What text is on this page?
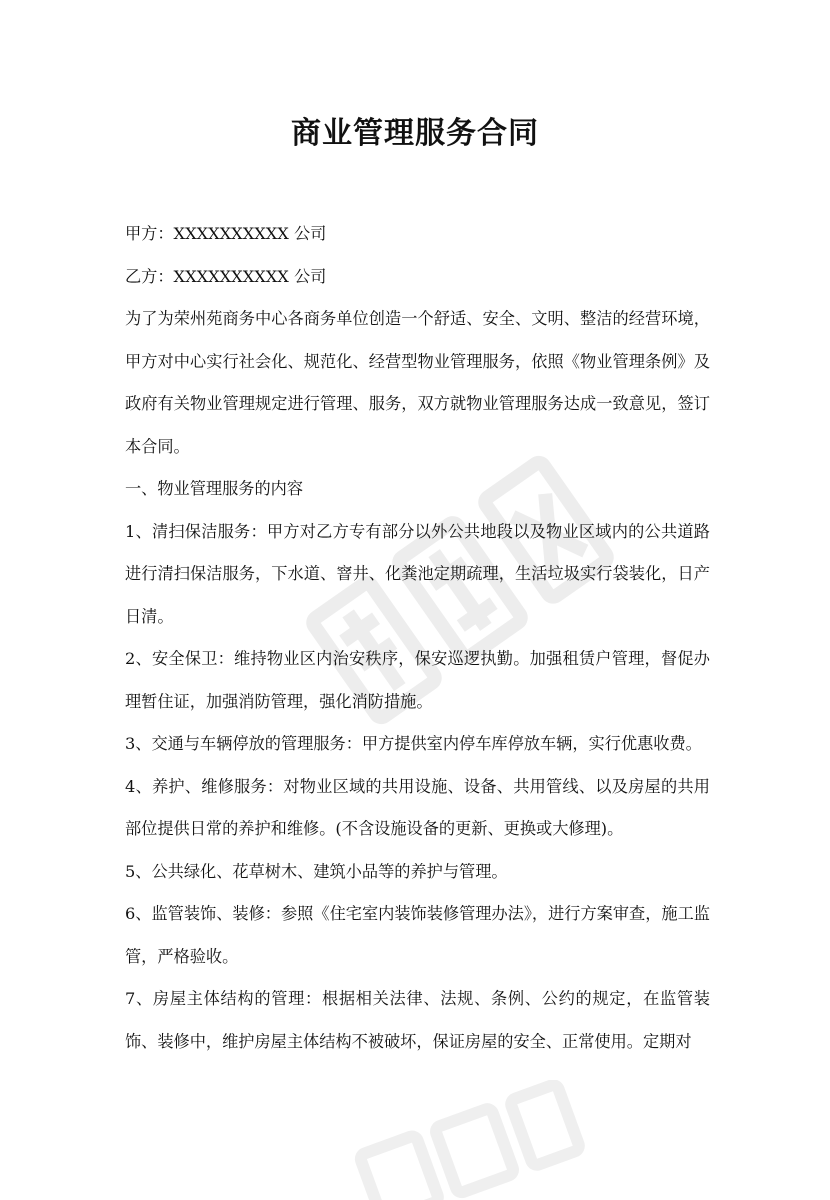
商业管理服务合同

甲方：XXXXXXXXXX 公司

乙方：XXXXXXXXXX 公司

为了为荣州苑商务中心各商务单位创造一个舒适、安全、文明、整洁的经营环境，甲方对中心实行社会化、规范化、经营型物业管理服务，依照《物业管理条例》及政府有关物业管理规定进行管理、服务，双方就物业管理服务达成一致意见，签订本合同。

一、物业管理服务的内容

1、清扫保洁服务：甲方对乙方专有部分以外公共地段以及物业区域内的公共道路进行清扫保洁服务，下水道、窨井、化粪池定期疏理，生活垃圾实行袋装化，日产日清。

2、安全保卫：维持物业区内治安秩序，保安巡逻执勤。加强租赁户管理，督促办理暂住证，加强消防管理，强化消防措施。

3、交通与车辆停放的管理服务：甲方提供室内停车库停放车辆，实行优惠收费。

4、养护、维修服务：对物业区域的共用设施、设备、共用管线、以及房屋的共用部位提供日常的养护和维修。(不含设施设备的更新、更换或大修理)。

5、公共绿化、花草树木、建筑小品等的养护与管理。

6、监管装饰、装修：参照《住宅室内装饰装修管理办法》，进行方案审查，施工监管，严格验收。

7、房屋主体结构的管理：根据相关法律、法规、条例、公约的规定，在监管装饰、装修中，维护房屋主体结构不被破坏，保证房屋的安全、正常使用。定期对
